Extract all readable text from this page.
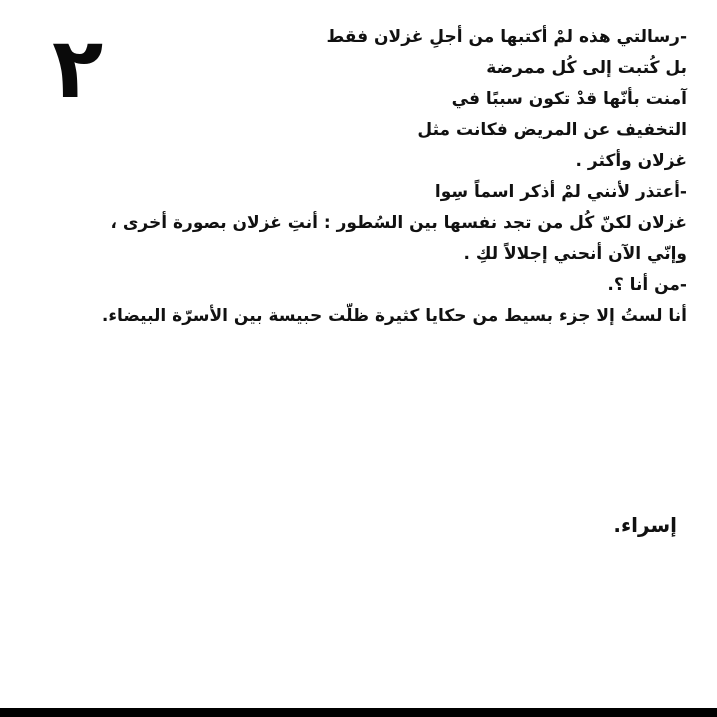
٢	-رسالتي هذه لمْ أكتبها من أجلِ غزلان فقط
بل كُتبت إلى كُل ممرضة
آمنت بأنّها قدْ تكون سببًا في
التخفيف عن المريض فكانت مثل
غزلان وأكثر .
-أعتذر لأنني لمْ أذكر اسماً سِوا
غزلان لكنّ كُل من تجد نفسها بين السُطور : أنتِ غزلان بصورة أخرى ،
وإنّي الآن أنحني إجلالاً لكِ .
-من أنا ؟.
أنا لستُ إلا جزء بسيط من حكايا كثيرة ظلّت حبيسة بين الأسرّة البيضاء.
إسراء.
